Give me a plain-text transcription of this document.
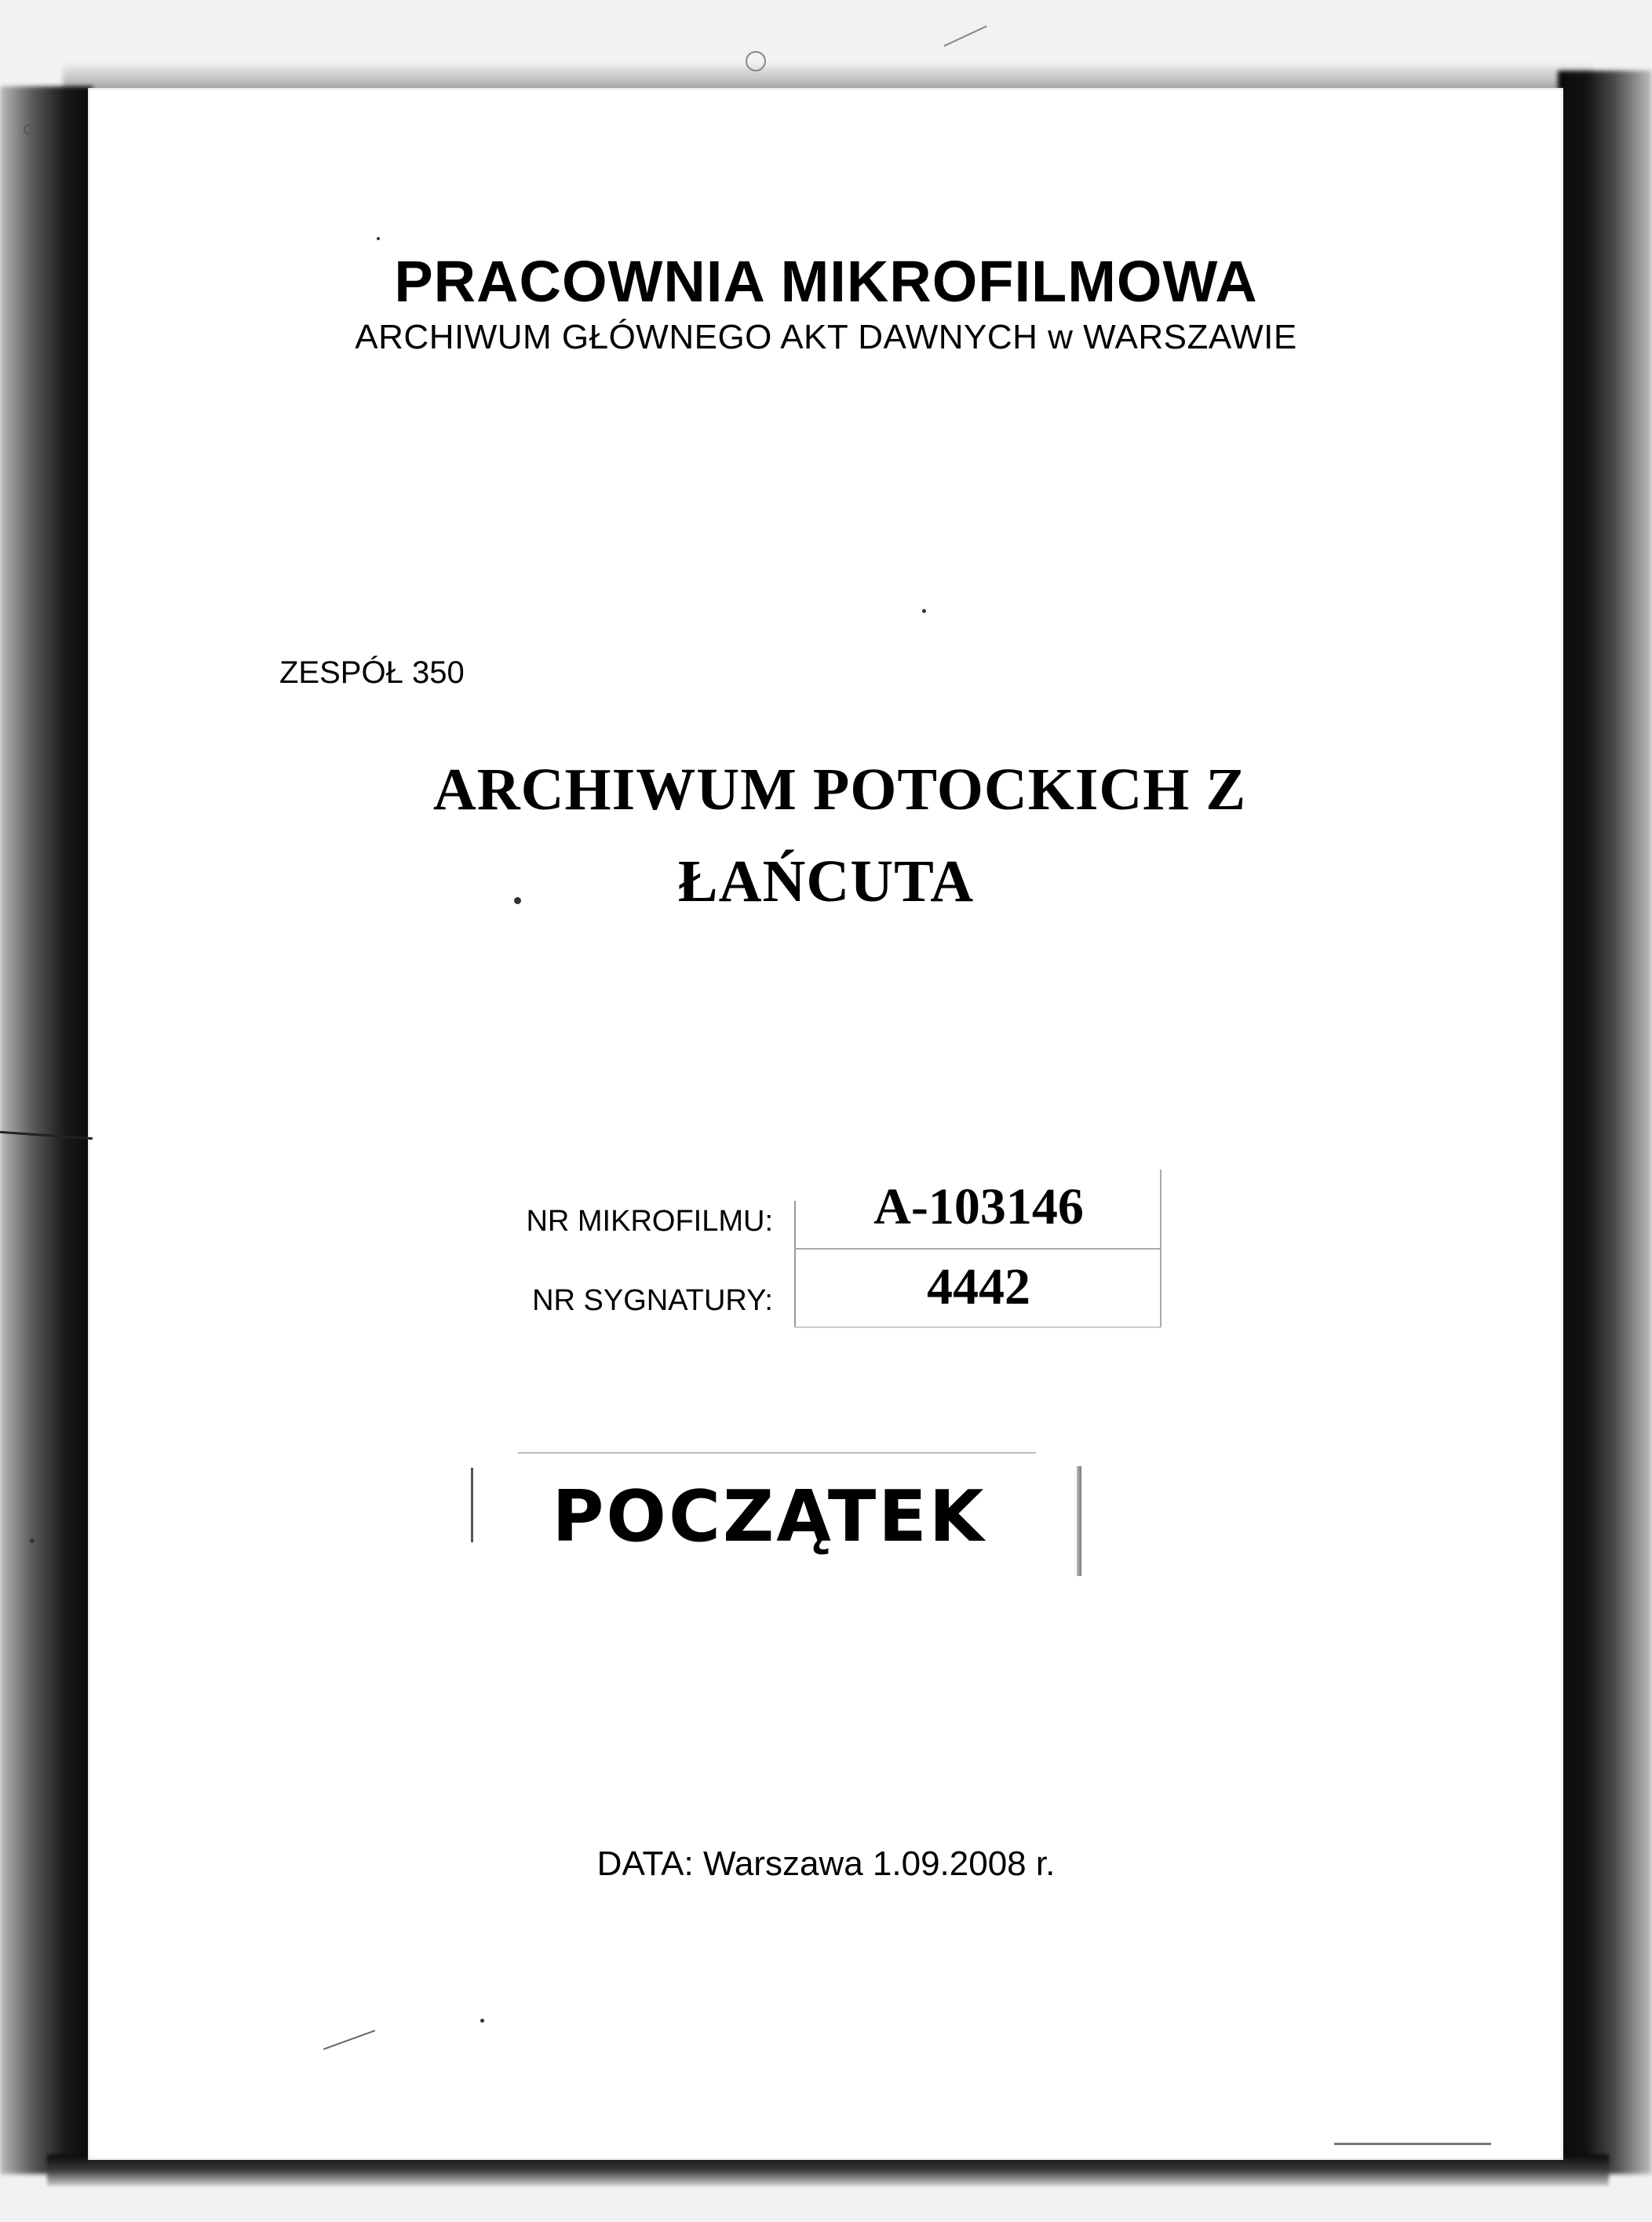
PRACOWNIA MIKROFILMOWA
ARCHIWUM GŁÓWNEGO AKT DAWNYCH w WARSZAWIE
ZESPÓŁ 350
ARCHIWUM POTOCKICH Z
ŁAŃCUTA
NR MIKROFILMU:	A-103146
NR SYGNATURY:	4442
POCZĄTEK
DATA: Warszawa 1.09.2008 r.
